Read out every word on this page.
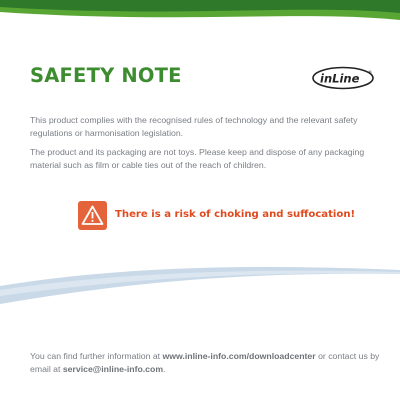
SAFETY NOTE	inLine ®

This product complies with the recognised rules of technology and the relevant safety regulations or harmonisation legislation.

The product and its packaging are not toys. Please keep and dispose of any packaging material such as film or cable ties out of the reach of children.

There is a risk of choking and suffocation!

You can find further information at www.inline-info.com/downloadcenter or contact us by email at service@inline-info.com.
